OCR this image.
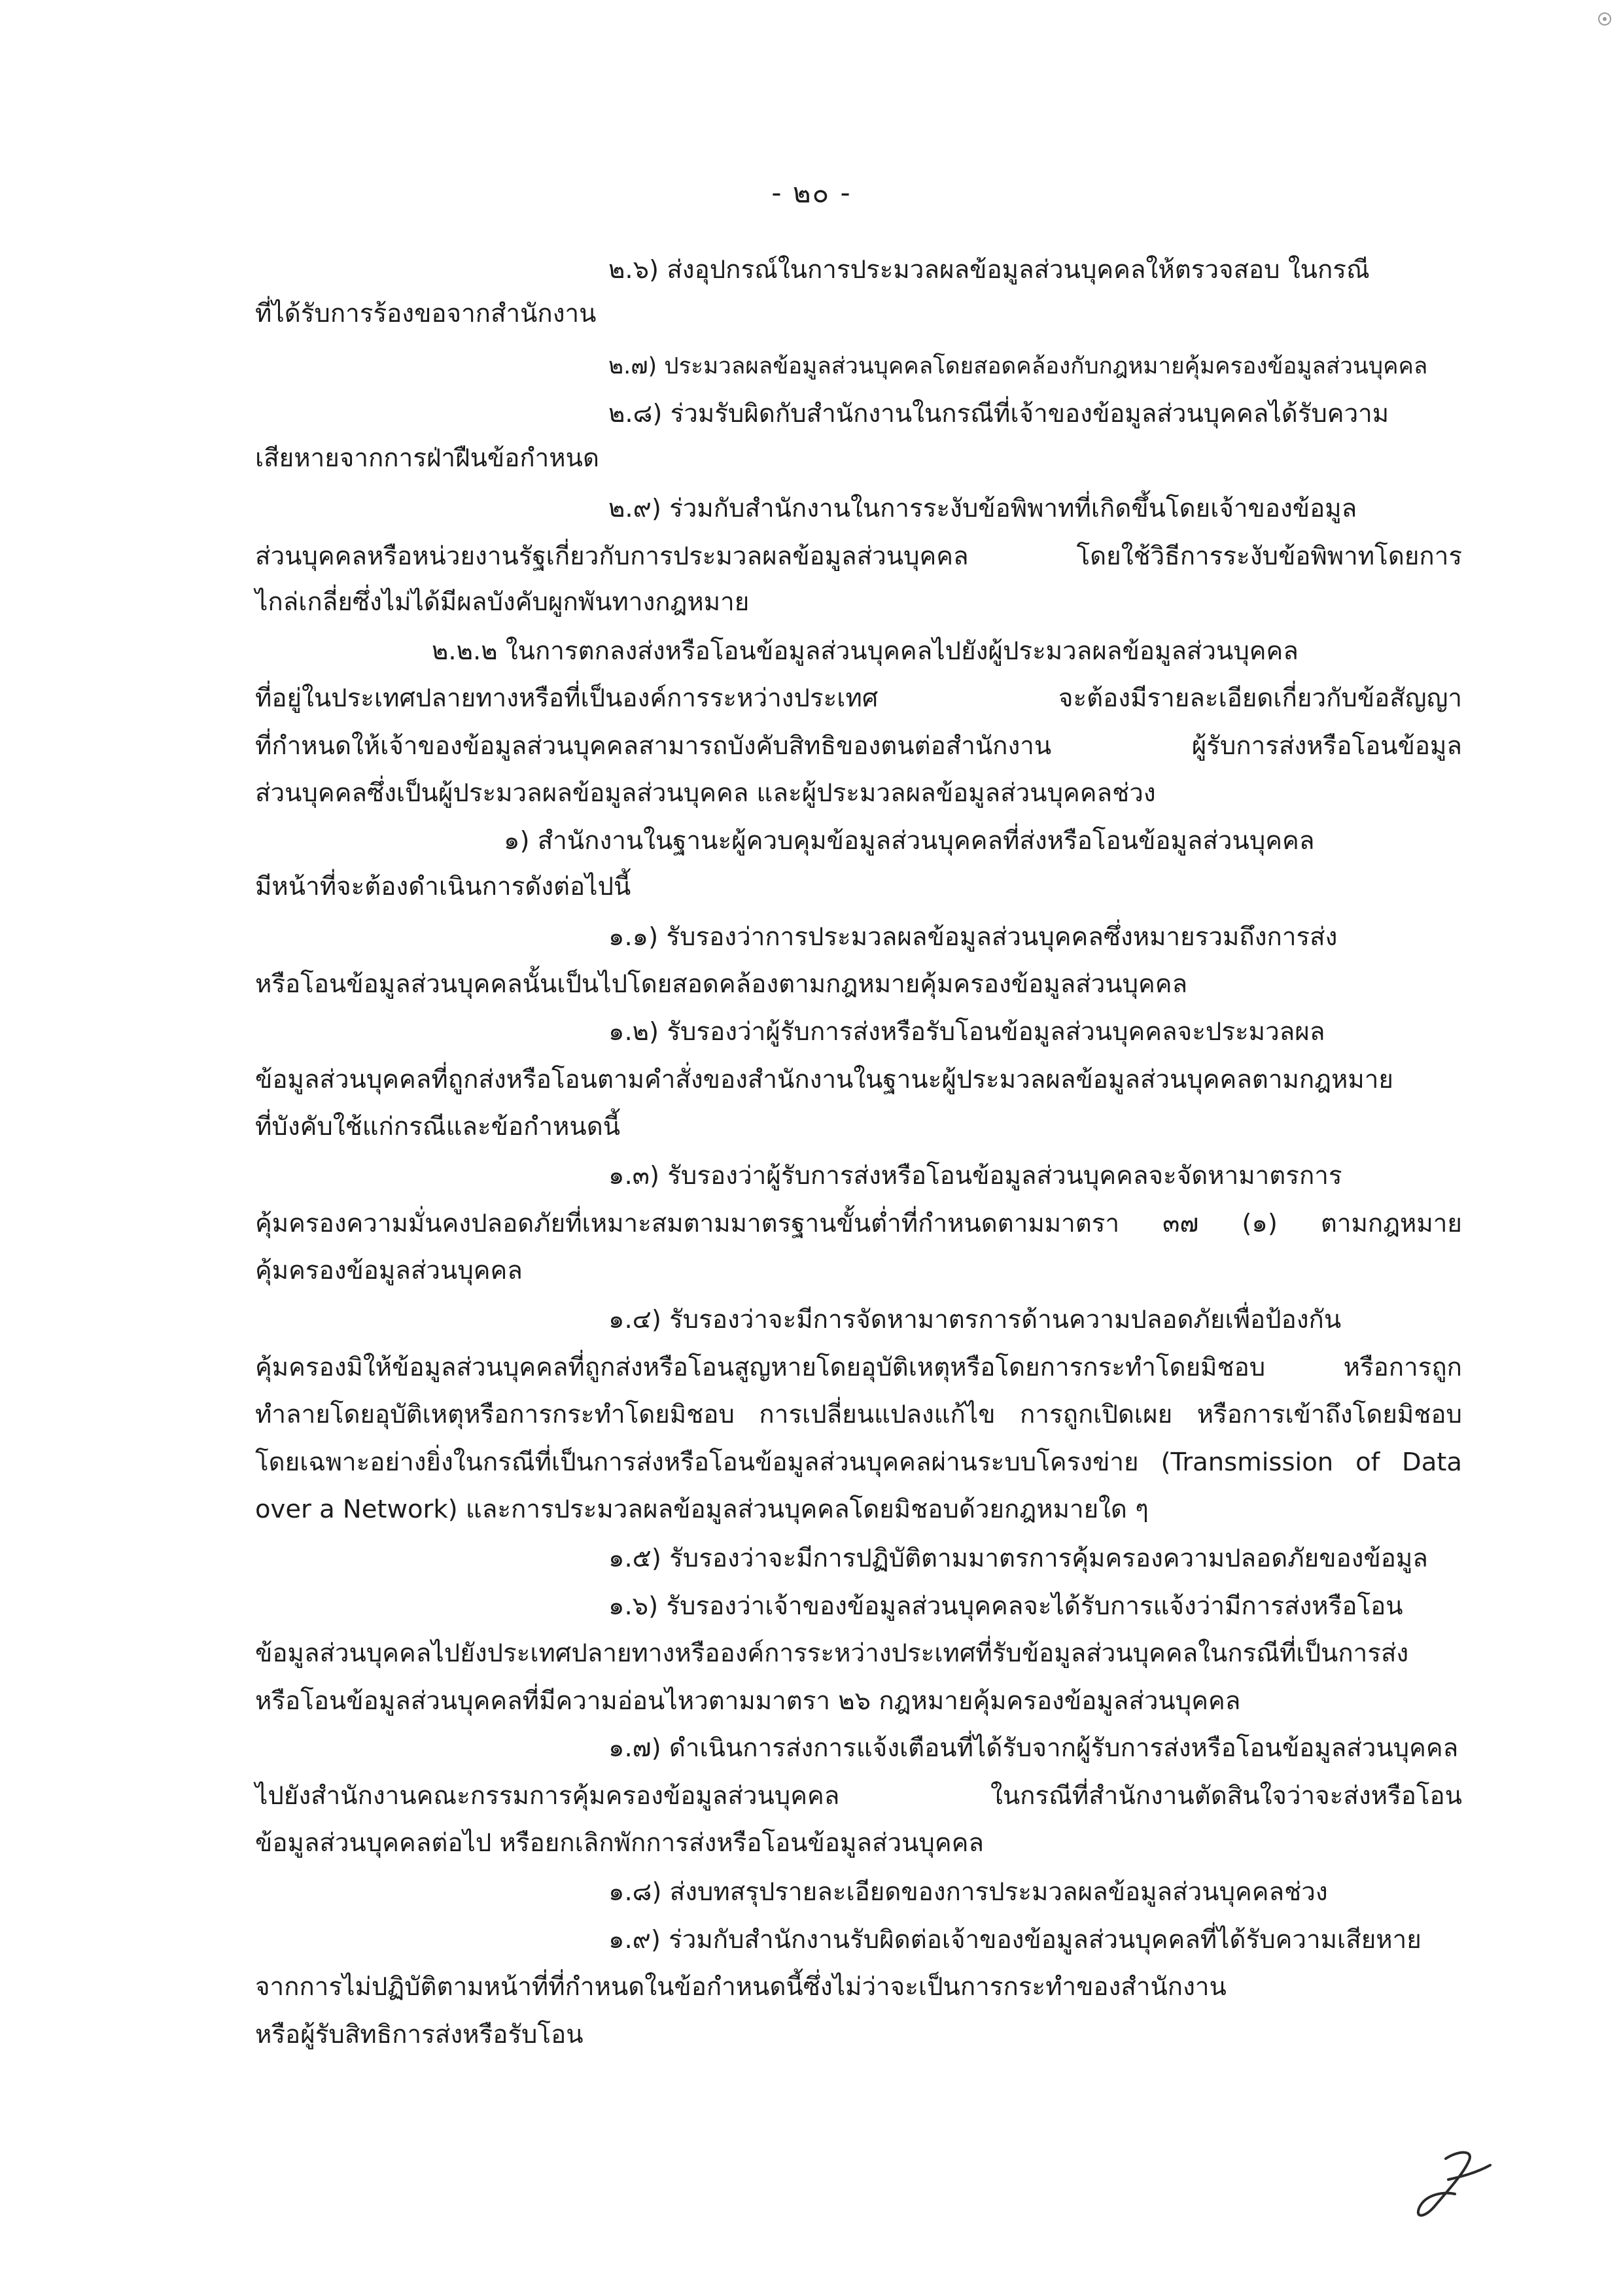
- ๒๐ -
๒.๖) ส่งอุปกรณ์ในการประมวลผลข้อมูลส่วนบุคคลให้ตรวจสอบ ในกรณี
ที่ได้รับการร้องขอจากสำนักงาน
๒.๗) ประมวลผลข้อมูลส่วนบุคคลโดยสอดคล้องกับกฎหมายคุ้มครองข้อมูลส่วนบุคคล
๒.๘) ร่วมรับผิดกับสำนักงานในกรณีที่เจ้าของข้อมูลส่วนบุคคลได้รับความ
เสียหายจากการฝ่าฝืนข้อกำหนด
๒.๙) ร่วมกับสำนักงานในการระงับข้อพิพาทที่เกิดขึ้นโดยเจ้าของข้อมูล
ส่วนบุคคลหรือหน่วยงานรัฐเกี่ยวกับการประมวลผลข้อมูลส่วนบุคคล โดยใช้วิธีการระงับข้อพิพาทโดยการ
ไกล่เกลี่ยซึ่งไม่ได้มีผลบังคับผูกพันทางกฎหมาย
๒.๒.๒ ในการตกลงส่งหรือโอนข้อมูลส่วนบุคคลไปยังผู้ประมวลผลข้อมูลส่วนบุคคล
ที่อยู่ในประเทศปลายทางหรือที่เป็นองค์การระหว่างประเทศ จะต้องมีรายละเอียดเกี่ยวกับข้อสัญญา
ที่กำหนดให้เจ้าของข้อมูลส่วนบุคคลสามารถบังคับสิทธิของตนต่อสำนักงาน ผู้รับการส่งหรือโอนข้อมูล
ส่วนบุคคลซึ่งเป็นผู้ประมวลผลข้อมูลส่วนบุคคล และผู้ประมวลผลข้อมูลส่วนบุคคลช่วง
๑) สำนักงานในฐานะผู้ควบคุมข้อมูลส่วนบุคคลที่ส่งหรือโอนข้อมูลส่วนบุคคล
มีหน้าที่จะต้องดำเนินการดังต่อไปนี้
๑.๑) รับรองว่าการประมวลผลข้อมูลส่วนบุคคลซึ่งหมายรวมถึงการส่ง
หรือโอนข้อมูลส่วนบุคคลนั้นเป็นไปโดยสอดคล้องตามกฎหมายคุ้มครองข้อมูลส่วนบุคคล
๑.๒) รับรองว่าผู้รับการส่งหรือรับโอนข้อมูลส่วนบุคคลจะประมวลผล
ข้อมูลส่วนบุคคลที่ถูกส่งหรือโอนตามคำสั่งของสำนักงานในฐานะผู้ประมวลผลข้อมูลส่วนบุคคลตามกฎหมาย
ที่บังคับใช้แก่กรณีและข้อกำหนดนี้
๑.๓) รับรองว่าผู้รับการส่งหรือโอนข้อมูลส่วนบุคคลจะจัดหามาตรการ
คุ้มครองความมั่นคงปลอดภัยที่เหมาะสมตามมาตรฐานขั้นต่ำที่กำหนดตามมาตรา ๓๗ (๑) ตามกฎหมาย
คุ้มครองข้อมูลส่วนบุคคล
๑.๔) รับรองว่าจะมีการจัดหามาตรการด้านความปลอดภัยเพื่อป้องกัน
คุ้มครองมิให้ข้อมูลส่วนบุคคลที่ถูกส่งหรือโอนสูญหายโดยอุบัติเหตุหรือโดยการกระทำโดยมิชอบ หรือการถูก
ทำลายโดยอุบัติเหตุหรือการกระทำโดยมิชอบ การเปลี่ยนแปลงแก้ไข การถูกเปิดเผย หรือการเข้าถึงโดยมิชอบ
โดยเฉพาะอย่างยิ่งในกรณีที่เป็นการส่งหรือโอนข้อมูลส่วนบุคคลผ่านระบบโครงข่าย (Transmission of Data
over a Network) และการประมวลผลข้อมูลส่วนบุคคลโดยมิชอบด้วยกฎหมายใด ๆ
๑.๕) รับรองว่าจะมีการปฏิบัติตามมาตรการคุ้มครองความปลอดภัยของข้อมูล
๑.๖) รับรองว่าเจ้าของข้อมูลส่วนบุคคลจะได้รับการแจ้งว่ามีการส่งหรือโอน
ข้อมูลส่วนบุคคลไปยังประเทศปลายทางหรือองค์การระหว่างประเทศที่รับข้อมูลส่วนบุคคลในกรณีที่เป็นการส่ง
หรือโอนข้อมูลส่วนบุคคลที่มีความอ่อนไหวตามมาตรา ๒๖ กฎหมายคุ้มครองข้อมูลส่วนบุคคล
๑.๗) ดำเนินการส่งการแจ้งเตือนที่ได้รับจากผู้รับการส่งหรือโอนข้อมูลส่วนบุคคล
ไปยังสำนักงานคณะกรรมการคุ้มครองข้อมูลส่วนบุคคล ในกรณีที่สำนักงานตัดสินใจว่าจะส่งหรือโอน
ข้อมูลส่วนบุคคลต่อไป หรือยกเลิกพักการส่งหรือโอนข้อมูลส่วนบุคคล
๑.๘) ส่งบทสรุปรายละเอียดของการประมวลผลข้อมูลส่วนบุคคลช่วง
๑.๙) ร่วมกับสำนักงานรับผิดต่อเจ้าของข้อมูลส่วนบุคคลที่ได้รับความเสียหาย
จากการไม่ปฏิบัติตามหน้าที่ที่กำหนดในข้อกำหนดนี้ซึ่งไม่ว่าจะเป็นการกระทำของสำนักงาน
หรือผู้รับสิทธิการส่งหรือรับโอน
